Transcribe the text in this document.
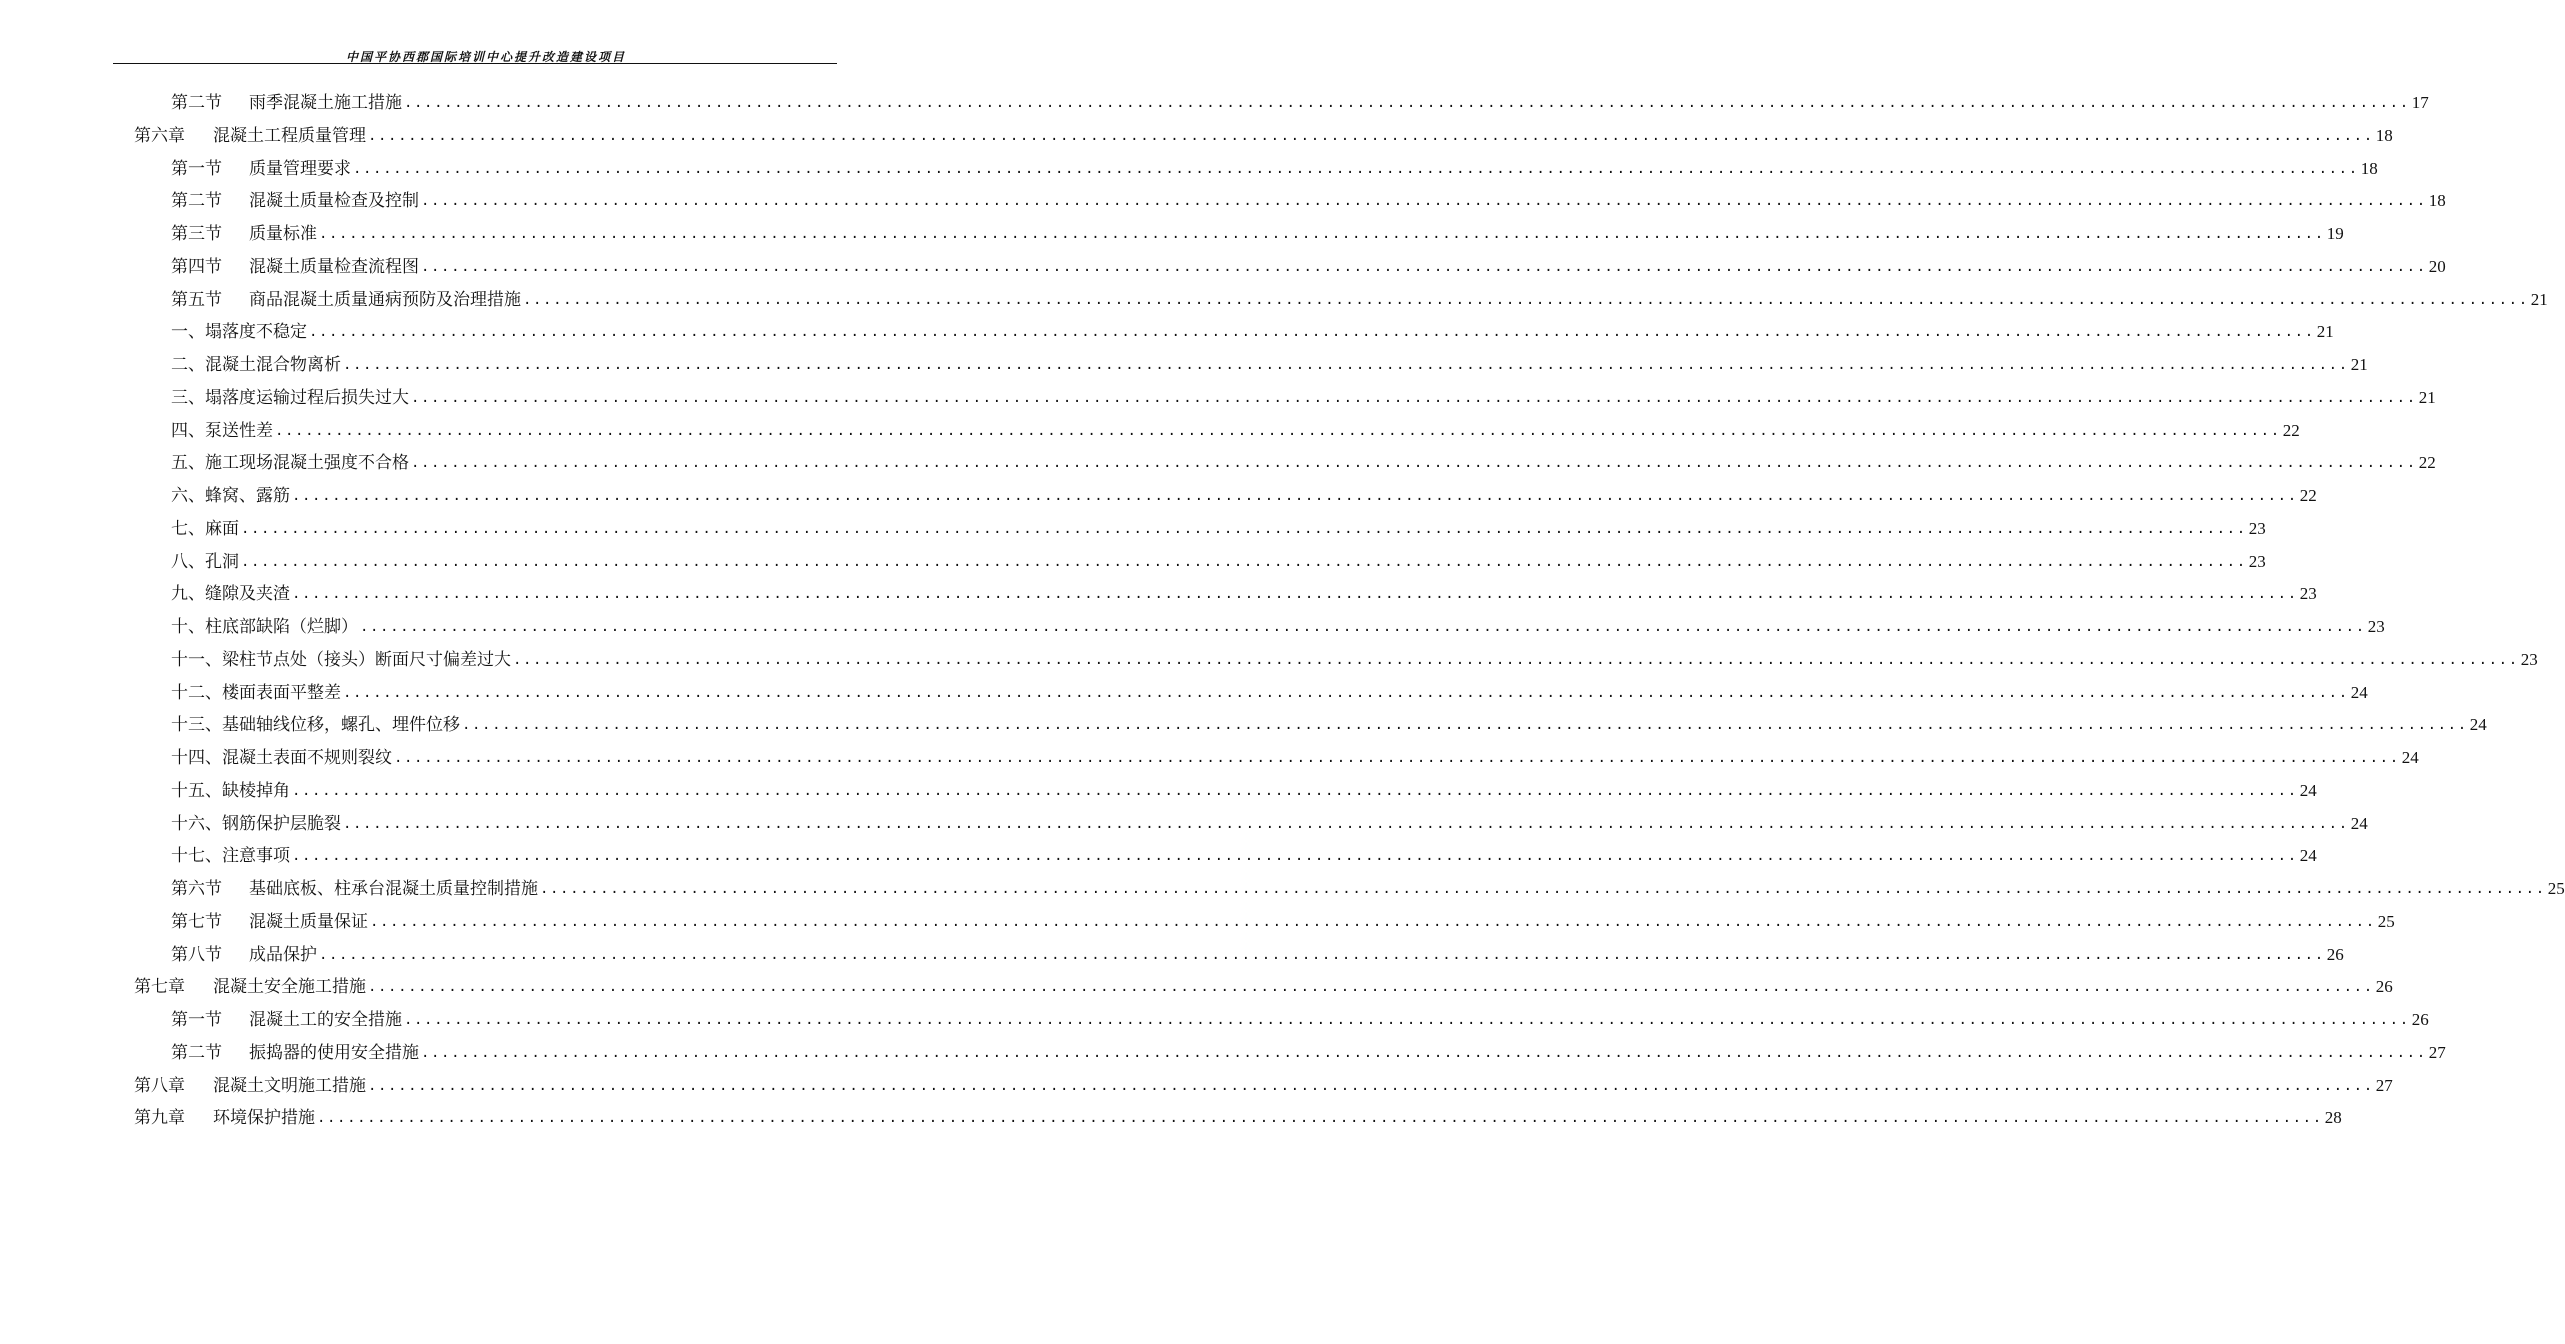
中国平协西郡国际培训中心提升改造建设项目
第二节 雨季混凝土施工措施 ........................................................................................................................................................................................................ 17
第六章 混凝土工程质量管理 ........................................................................................................................................................................................................ 18
第一节 质量管理要求 ........................................................................................................................................................................................................ 18
第二节 混凝土质量检查及控制 ........................................................................................................................................................................................................ 18
第三节 质量标准 ........................................................................................................................................................................................................ 19
第四节 混凝土质量检查流程图 ........................................................................................................................................................................................................ 20
第五节 商品混凝土质量通病预防及治理措施 ........................................................................................................................................................................................................ 21
一、塌落度不稳定 ........................................................................................................................................................................................................ 21
二、混凝土混合物离析 ........................................................................................................................................................................................................ 21
三、塌落度运输过程后损失过大 ........................................................................................................................................................................................................ 21
四、泵送性差 ........................................................................................................................................................................................................ 22
五、施工现场混凝土强度不合格 ........................................................................................................................................................................................................ 22
六、蜂窝、露筋 ........................................................................................................................................................................................................ 22
七、麻面 ........................................................................................................................................................................................................ 23
八、孔洞 ........................................................................................................................................................................................................ 23
九、缝隙及夹渣 ........................................................................................................................................................................................................ 23
十、柱底部缺陷（烂脚） ........................................................................................................................................................................................................ 23
十一、梁柱节点处（接头）断面尺寸偏差过大 ........................................................................................................................................................................................................ 23
十二、楼面表面平整差 ........................................................................................................................................................................................................ 24
十三、基础轴线位移，螺孔、埋件位移 ........................................................................................................................................................................................................ 24
十四、混凝土表面不规则裂纹 ........................................................................................................................................................................................................ 24
十五、缺棱掉角 ........................................................................................................................................................................................................ 24
十六、钢筋保护层脆裂 ........................................................................................................................................................................................................ 24
十七、注意事项 ........................................................................................................................................................................................................ 24
第六节 基础底板、柱承台混凝土质量控制措施 ........................................................................................................................................................................................................ 25
第七节 混凝土质量保证 ........................................................................................................................................................................................................ 25
第八节 成品保护 ........................................................................................................................................................................................................ 26
第七章 混凝土安全施工措施 ........................................................................................................................................................................................................ 26
第一节 混凝土工的安全措施 ........................................................................................................................................................................................................ 26
第二节 振捣器的使用安全措施 ........................................................................................................................................................................................................ 27
第八章 混凝土文明施工措施 ........................................................................................................................................................................................................ 27
第九章 环境保护措施 ........................................................................................................................................................................................................ 28
